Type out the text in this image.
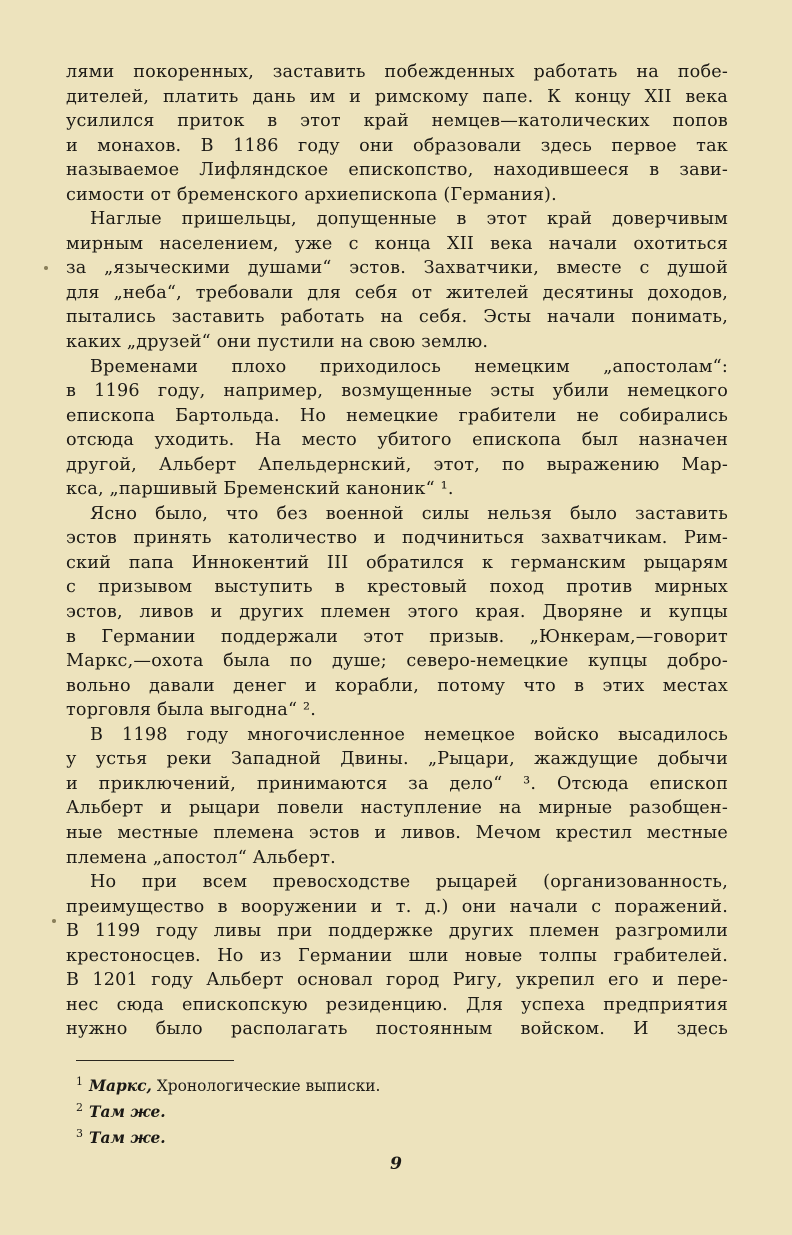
лями покоренных, заставить побежденных работать на побе-
дителей, платить дань им и римскому папе. К концу XII века
усилился приток в этот край немцев—католических попов
и монахов. В 1186 году они образовали здесь первое так
называемое Лифляндское епископство, находившееся в зави-
симости от бременского архиепископа (Германия).
Наглые пришельцы, допущенные в этот край доверчивым
мирным населением, уже с конца XII века начали охотиться
за „языческими душами“ эстов. Захватчики, вместе с душой
для „неба“, требовали для себя от жителей десятины доходов,
пытались заставить работать на себя. Эсты начали понимать,
каких „друзей“ они пустили на свою землю.
Временами плохо приходилось немецким „апостолам“:
в 1196 году, например, возмущенные эсты убили немецкого
епископа Бартольда. Но немецкие грабители не собирались
отсюда уходить. На место убитого епископа был назначен
другой, Альберт Апельдернский, этот, по выражению Мар-
кса, „паршивый Бременский каноник“ ¹.
Ясно было, что без военной силы нельзя было заставить
эстов принять католичество и подчиниться захватчикам. Рим-
ский папа Иннокентий III обратился к германским рыцарям
с призывом выступить в крестовый поход против мирных
эстов, ливов и других племен этого края. Дворяне и купцы
в Германии поддержали этот призыв. „Юнкерам,—говорит
Маркс,—охота была по душе; северо-немецкие купцы добро-
вольно давали денег и корабли, потому что в этих местах
торговля была выгодна“ ².
В 1198 году многочисленное немецкое войско высадилось
у устья реки Западной Двины. „Рыцари, жаждущие добычи
и приключений, принимаются за дело“ ³. Отсюда епископ
Альберт и рыцари повели наступление на мирные разобщен-
ные местные племена эстов и ливов. Мечом крестил местные
племена „апостол“ Альберт.
Но при всем превосходстве рыцарей (организованность,
преимущество в вооружении и т. д.) они начали с поражений.
В 1199 году ливы при поддержке других племен разгромили
крестоносцев. Но из Германии шли новые толпы грабителей.
В 1201 году Альберт основал город Ригу, укрепил его и пере-
нес сюда епископскую резиденцию. Для успеха предприятия
нужно было располагать постоянным войском. И здесь
$^1$ Маркс, Хронологические выписки.
$^2$ Там же.
$^3$ Там же.
9
